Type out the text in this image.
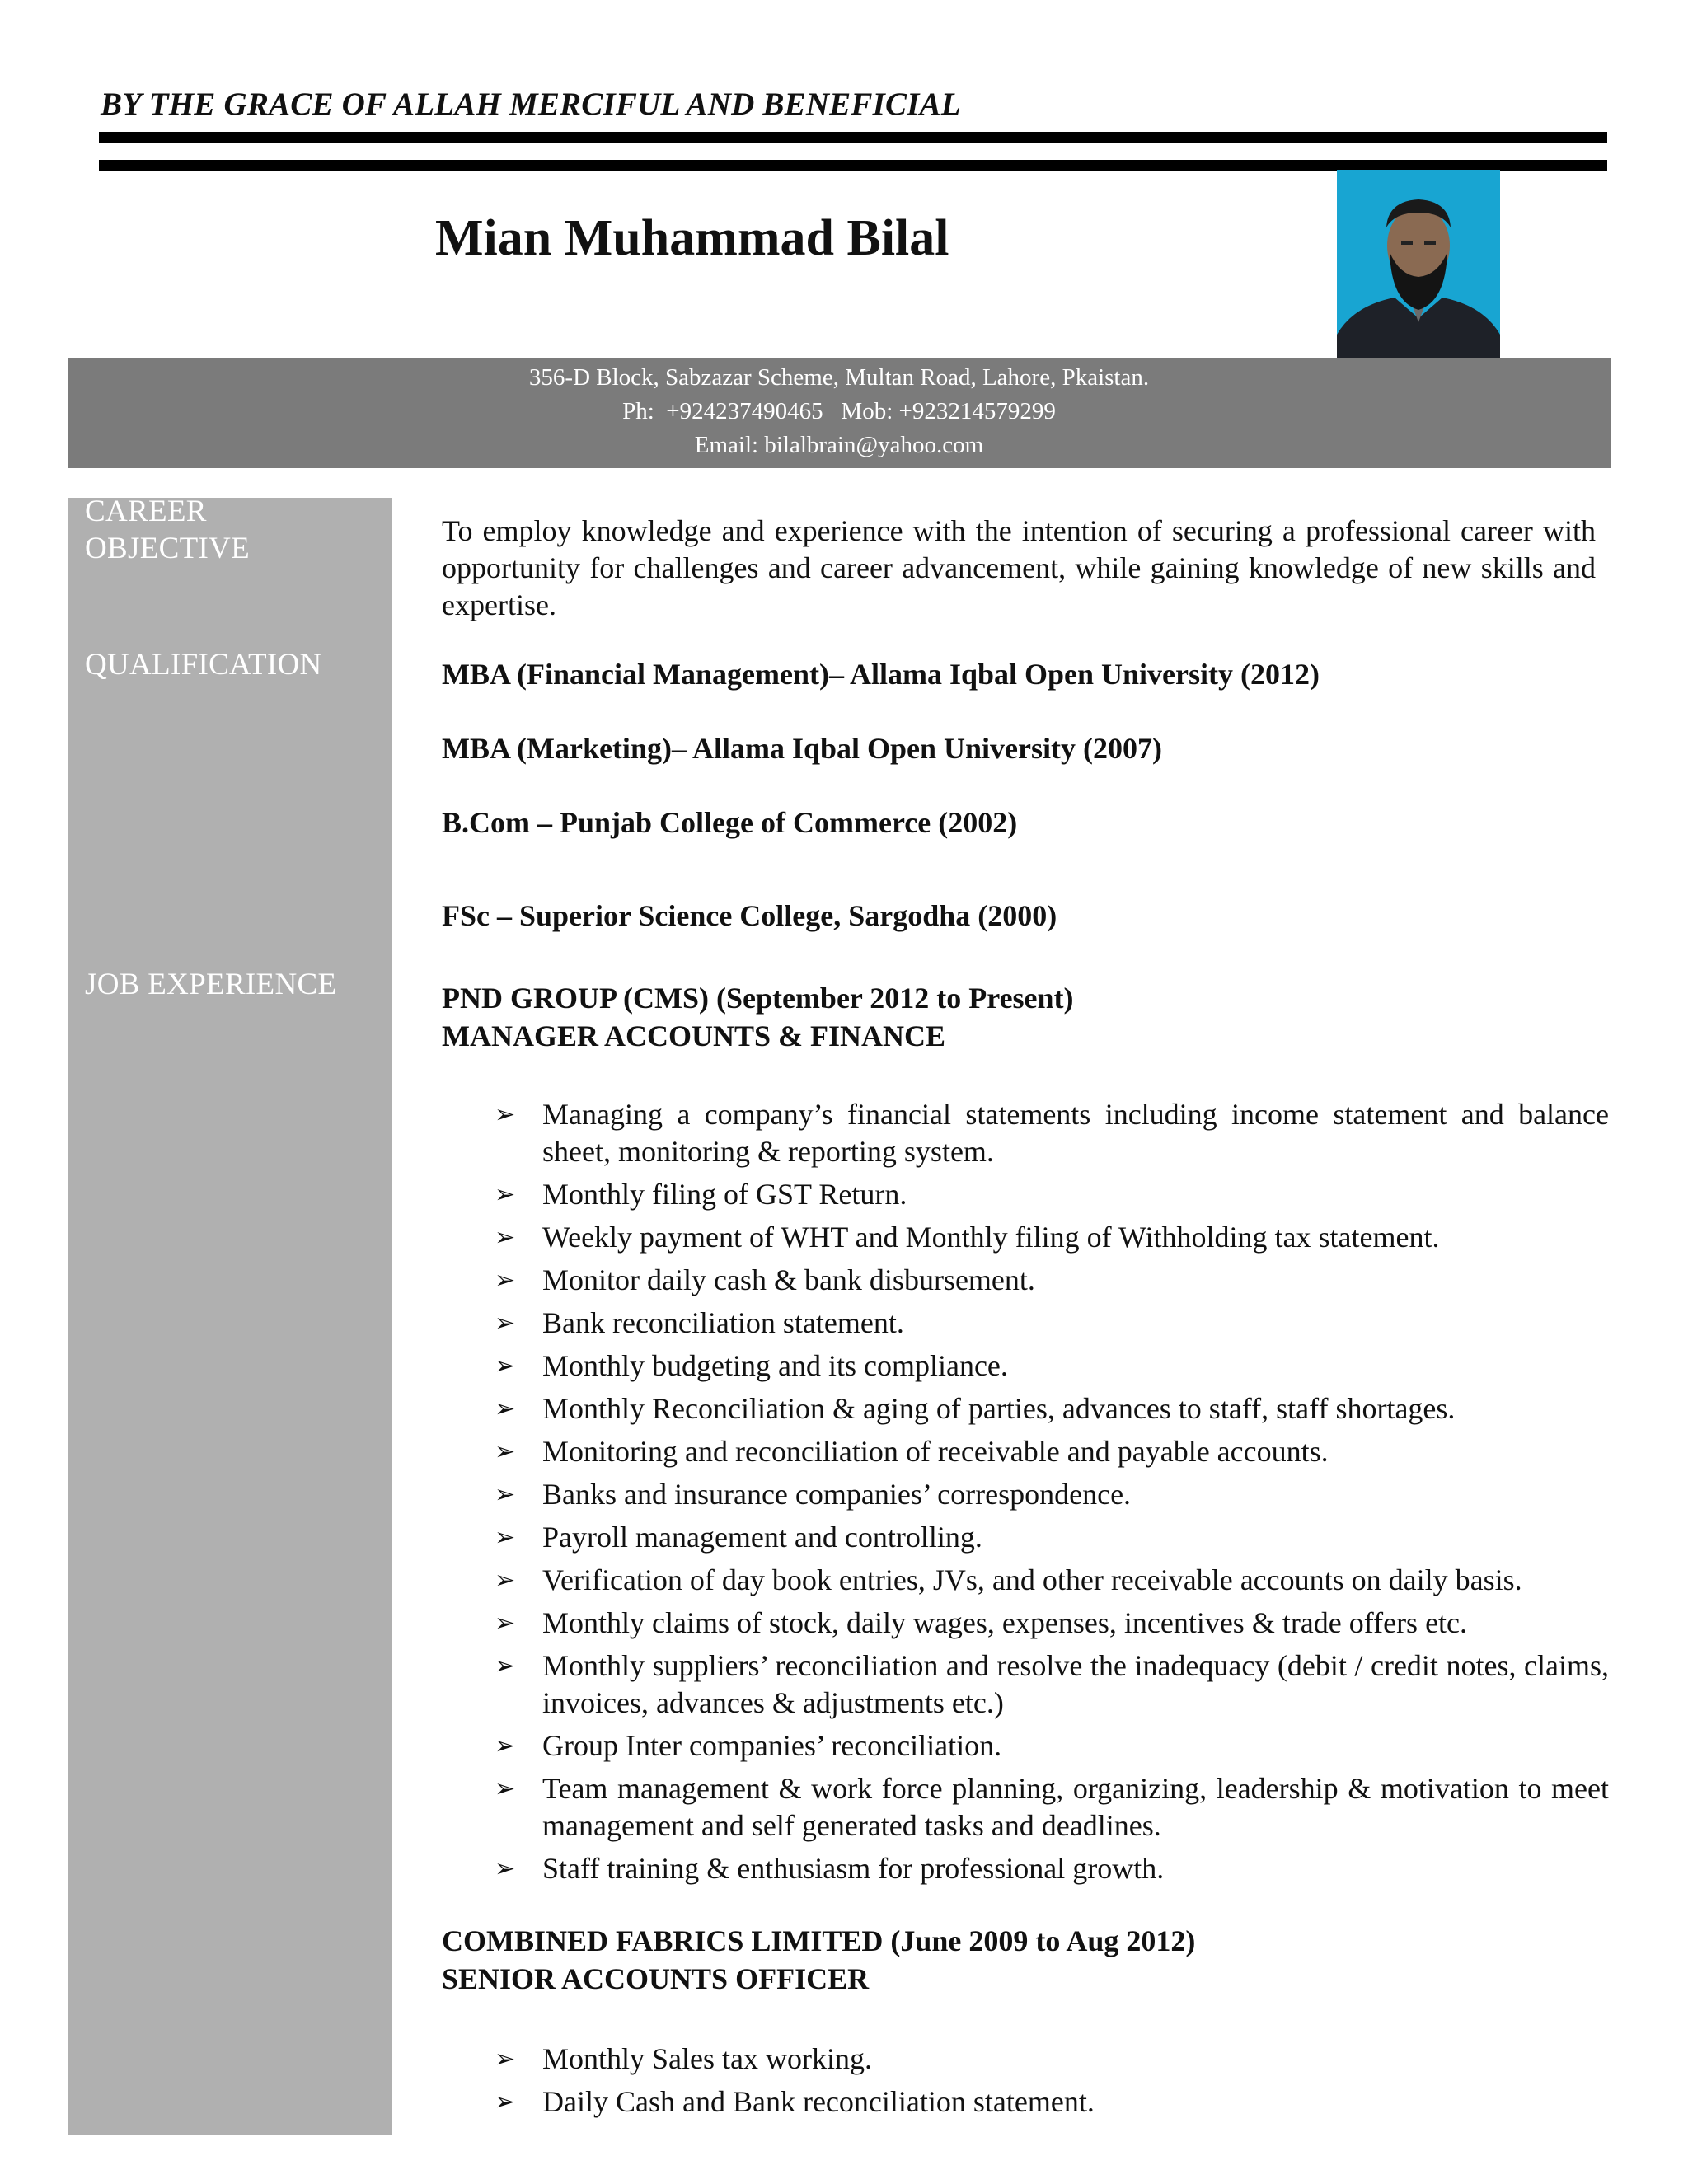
BY THE GRACE OF ALLAH MERCIFUL AND BENEFICIAL
Mian Muhammad Bilal
356-D Block, Sabzazar Scheme, Multan Road, Lahore, Pkaistan.
Ph:  +924237490465   Mob: +923214579299
Email: bilalbrain@yahoo.com
CAREER
OBJECTIVE
QUALIFICATION
JOB EXPERIENCE
To employ knowledge and experience with the intention of securing a professional career with opportunity for challenges and career advancement, while gaining knowledge of new skills and expertise.
MBA (Financial Management)– Allama Iqbal Open University (2012)
MBA (Marketing)– Allama Iqbal Open University (2007)
B.Com – Punjab College of Commerce (2002)
FSc – Superior Science College, Sargodha (2000)
PND GROUP (CMS) (September 2012 to Present)
MANAGER ACCOUNTS & FINANCE
➢ Managing a company’s financial statements including income statement and balance sheet, monitoring & reporting system.
➢ Monthly filing of GST Return.
➢ Weekly payment of WHT and Monthly filing of Withholding tax statement.
➢ Monitor daily cash & bank disbursement.
➢ Bank reconciliation statement.
➢ Monthly budgeting and its compliance.
➢ Monthly Reconciliation & aging of parties, advances to staff, staff shortages.
➢ Monitoring and reconciliation of receivable and payable accounts.
➢ Banks and insurance companies’ correspondence.
➢ Payroll management and controlling.
➢ Verification of day book entries, JVs, and other receivable accounts on daily basis.
➢ Monthly claims of stock, daily wages, expenses, incentives & trade offers etc.
➢ Monthly suppliers’ reconciliation and resolve the inadequacy (debit / credit notes, claims, invoices, advances & adjustments etc.)
➢ Group Inter companies’ reconciliation.
➢ Team management & work force planning, organizing, leadership & motivation to meet management and self generated tasks and deadlines.
➢ Staff training & enthusiasm for professional growth.
COMBINED FABRICS LIMITED (June 2009 to Aug 2012)
SENIOR ACCOUNTS OFFICER
➢ Monthly Sales tax working.
➢ Daily Cash and Bank reconciliation statement.
